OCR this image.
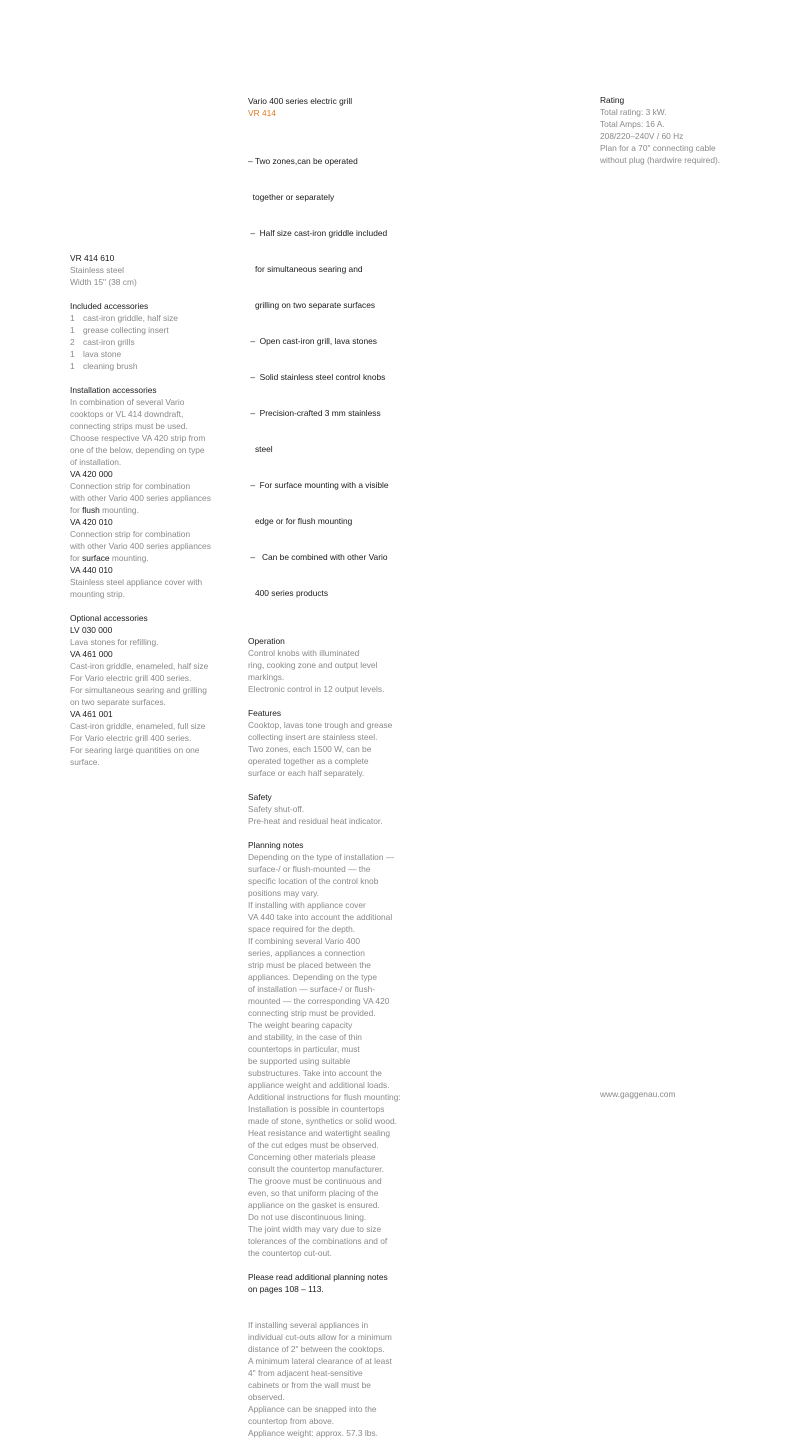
VR 414 610
Stainless steel
Width 15" (38 cm)
Included accessories
1 cast-iron griddle, half size
1 grease collecting insert
2 cast-iron grills
1 lava stone
1 cleaning brush
Installation accessories
In combination of several Vario
cooktops or VL 414 downdraft,
connecting strips must be used.
Choose respective VA 420 strip from
one of the below, depending on type
of installation.
VA 420 000
Connection strip for combination
with other Vario 400 series appliances
for flush mounting.
VA 420 010
Connection strip for combination
with other Vario 400 series appliances
for surface mounting.
VA 440 010
Stainless steel appliance cover with
mounting strip.
Optional accessories
LV 030 000
Lava stones for refilling.
VA 461 000
Cast-iron griddle, enameled, half size
For Vario electric grill 400 series.
For simultaneous searing and grilling
on two separate surfaces.
VA 461 001
Cast-iron griddle, enameled, full size
For Vario electric grill 400 series.
For searing large quantities on one
surface.
Vario 400 series electric grill
VR 414

– Two zones,can be operated

together or separately

–  Half size cast-iron griddle included

for simultaneous searing and

grilling on two separate surfaces

–  Open cast-iron grill, lava stones

–  Solid stainless steel control knobs

–  Precision-crafted 3 mm stainless

steel

–  For surface mounting with a visible

edge or for flush mounting

–   Can be combined with other Vario

400 series products

Operation
Control knobs with illuminated
ring, cooking zone and output level
markings.
Electronic control in 12 output levels.
Features
Cooktop, lavas tone trough and grease
collecting insert are stainless steel.
Two zones, each 1500 W, can be
operated together as a complete
surface or each half separately.
Safety
Safety shut-off.
Pre-heat and residual heat indicator.
Planning notes
Depending on the type of installation —
surface-/ or flush-mounted — the
specific location of the control knob
positions may vary.
If installing with appliance cover
VA 440 take into account the additional
space required for the depth.
If combining several Vario 400
series, appliances a connection
strip must be placed between the
appliances. Depending on the type
of installation — surface-/ or flush-
mounted — the corresponding VA 420
connecting strip must be provided.
The weight bearing capacity
and stability, in the case of thin
countertops in particular, must
be supported using suitable
substructures. Take into account the
appliance weight and additional loads.
Additional instructions for flush mounting:
Installation is possible in countertops
made of stone, synthetics or solid wood.
Heat resistance and watertight sealing
of the cut edges must be observed.
Concerning other materials please
consult the countertop manufacturer.
The groove must be continuous and
even, so that uniform placing of the
appliance on the gasket is ensured.
Do not use discontinuous lining.
The joint width may vary due to size
tolerances of the combinations and of
the countertop cut-out.
Please read additional planning notes
on pages 108 – 113.
If installing several appliances in
individual cut-outs allow for a minimum
distance of 2" between the cooktops.
A minimum lateral clearance of at least
4" from adjacent heat-sensitive
cabinets or from the wall must be
observed.
Appliance can be snapped into the
countertop from above.
Appliance weight: approx. 57.3 lbs.
Rating
Total rating: 3 kW.
Total Amps: 16 A.
208/220–240V / 60 Hz
Plan for a 70" connecting cable
without plug (hardwire required).
www.gaggenau.com
